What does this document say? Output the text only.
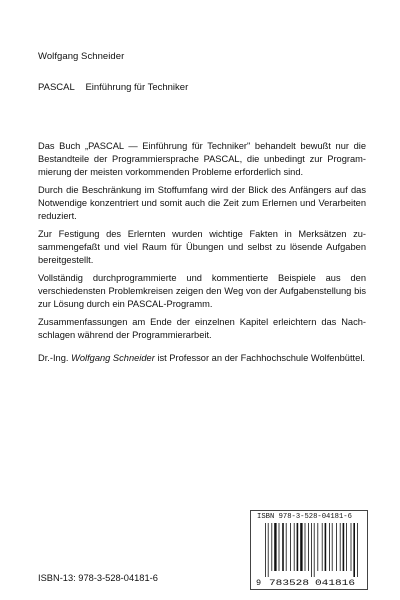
Wolfgang Schneider
PASCAL Einführung für Techniker

Das Buch „PASCAL — Einführung für Techniker" behandelt bewußt nur die Bestandteile der Programmiersprache PASCAL, die unbedingt zur Program-mierung der meisten vorkommenden Probleme erforderlich sind.

Durch die Beschränkung im Stoffumfang wird der Blick des Anfängers auf das Notwendige konzentriert und somit auch die Zeit zum Erlernen und Verarbeiten reduziert.

Zur Festigung des Erlernten wurden wichtige Fakten in Merksätzen zu-sammengefaßt und viel Raum für Übungen und selbst zu lösende Aufgaben bereitgestellt.

Vollständig durchprogrammierte und kommentierte Beispiele aus den verschiedensten Problemkreisen zeigen den Weg von der Aufgabenstellung bis zur Lösung durch ein PASCAL-Programm.

Zusammenfassungen am Ende der einzelnen Kapitel erleichtern das Nach-schlagen während der Programmierarbeit.

Dr.-Ing. Wolfgang Schneider ist Professor an der Fachhochschule Wolfenbüttel.

ISBN-13: 978-3-528-04181-6
ISBN 978-3-528-04181-6
9 783528 041816
